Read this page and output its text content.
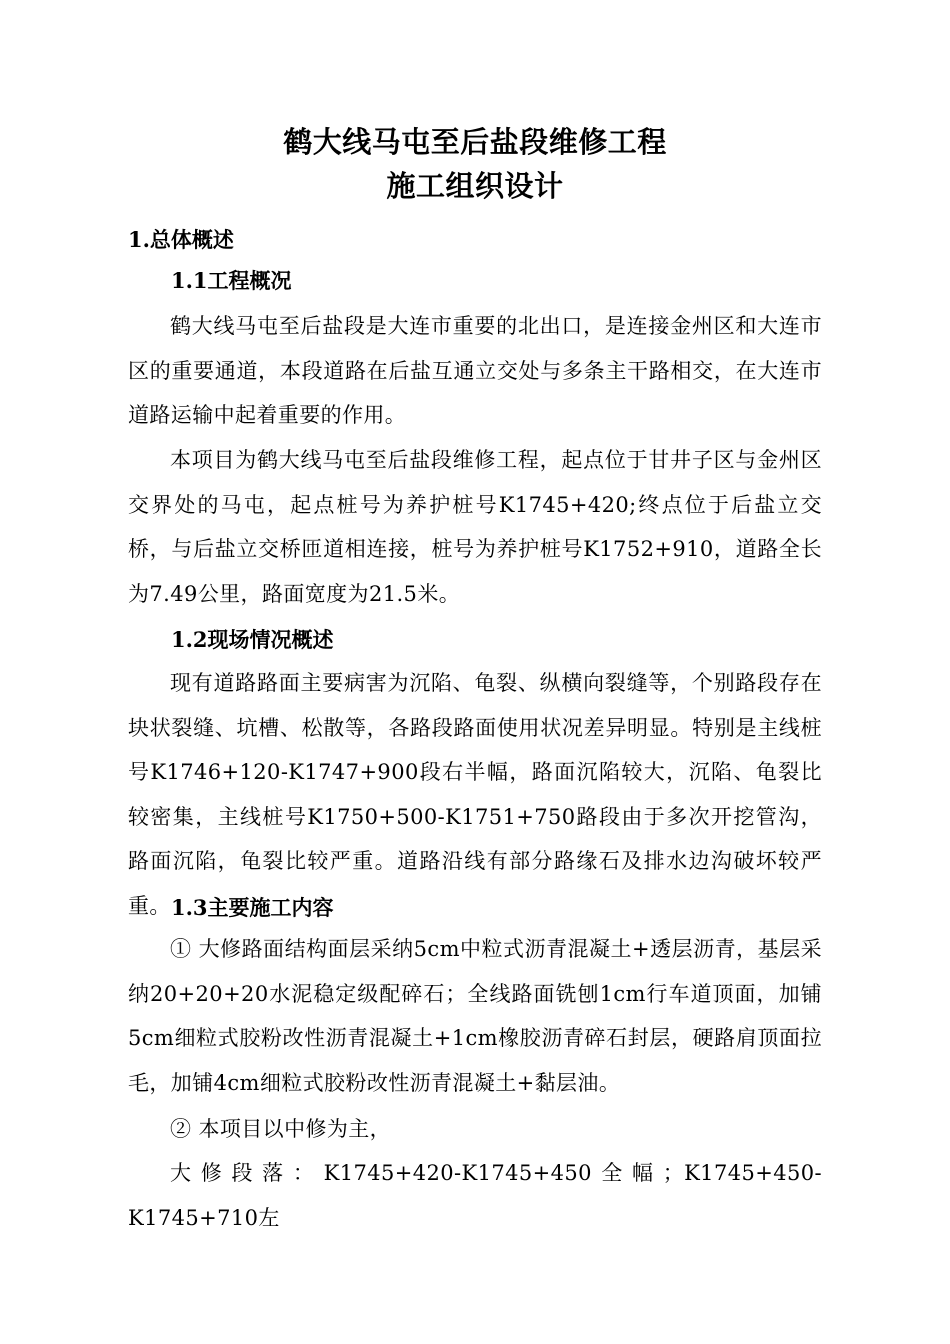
鹤大线马屯至后盐段维修工程
施工组织设计
1.总体概述
1.1工程概况

鹤大线马屯至后盐段是大连市重要的北出口，是连接金州区和大连市区的重要通道，本段道路在后盐互通立交处与多条主干路相交，在大连市道路运输中起着重要的作用。

本项目为鹤大线马屯至后盐段维修工程，起点位于甘井子区与金州区交界处的马屯，起点桩号为养护桩号K1745+420;终点位于后盐立交桥，与后盐立交桥匝道相连接，桩号为养护桩号K1752+910，道路全长为7.49公里，路面宽度为21.5米。

1.2现场情况概述

现有道路路面主要病害为沉陷、龟裂、纵横向裂缝等，个别路段存在块状裂缝、坑槽、松散等，各路段路面使用状况差异明显。特别是主线桩号K1746+120-K1747+900段右半幅，路面沉陷较大，沉陷、龟裂比较密集，主线桩号K1750+500-K1751+750路段由于多次开挖管沟，路面沉陷，龟裂比较严重。道路沿线有部分路缘石及排水边沟破坏较严重。 1.3主要施工内容

① 大修路面结构面层采纳5cm中粒式沥青混凝土+透层沥青，基层采纳20+20+20水泥稳定级配碎石；全线路面铣刨1cm行车道顶面，加铺5cm细粒式胶粉改性沥青混凝土+1cm橡胶沥青碎石封层，硬路肩顶面拉毛，加铺4cm细粒式胶粉改性沥青混凝土+黏层油。

② 本项目以中修为主，

大修段落：K1745+420-K1745+450全幅；K1745+450-K1745+710左
